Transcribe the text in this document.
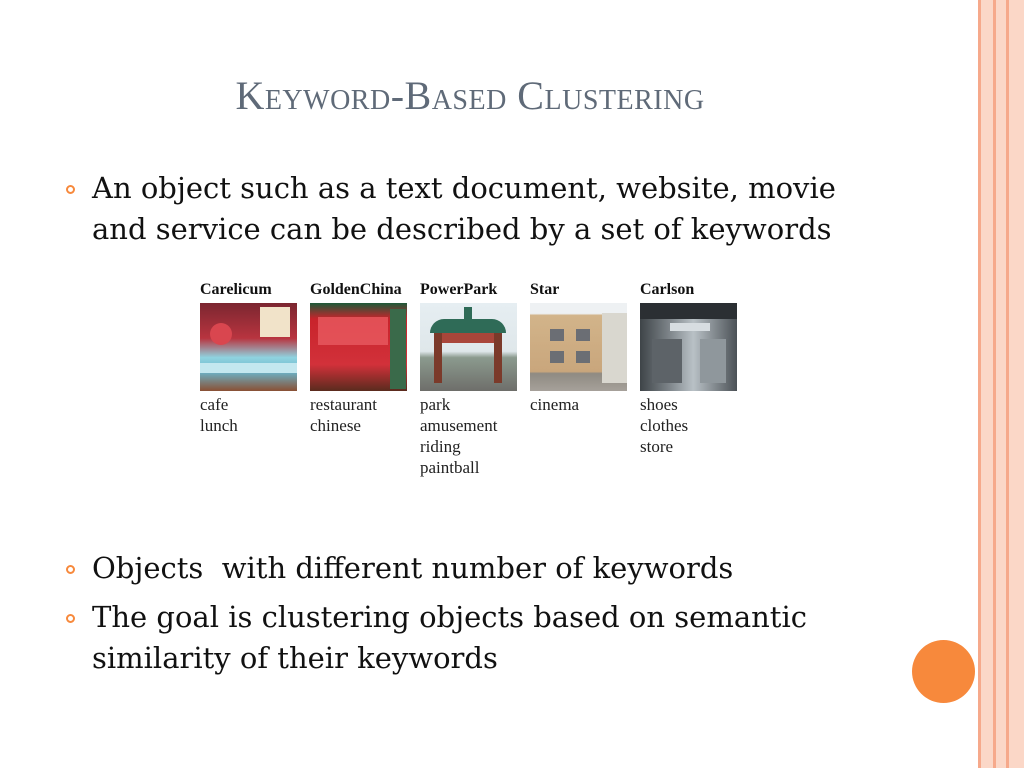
Keyword-Based Clustering
An object such as a text document, website, movie and service can be described by a set of keywords
Carelicum
cafe
lunch
GoldenChina
restaurant
chinese
PowerPark
park
amusement
riding
paintball
Star
cinema
Carlson
shoes
clothes
store
Objects  with different number of keywords
The goal is clustering objects based on semantic similarity of their keywords
